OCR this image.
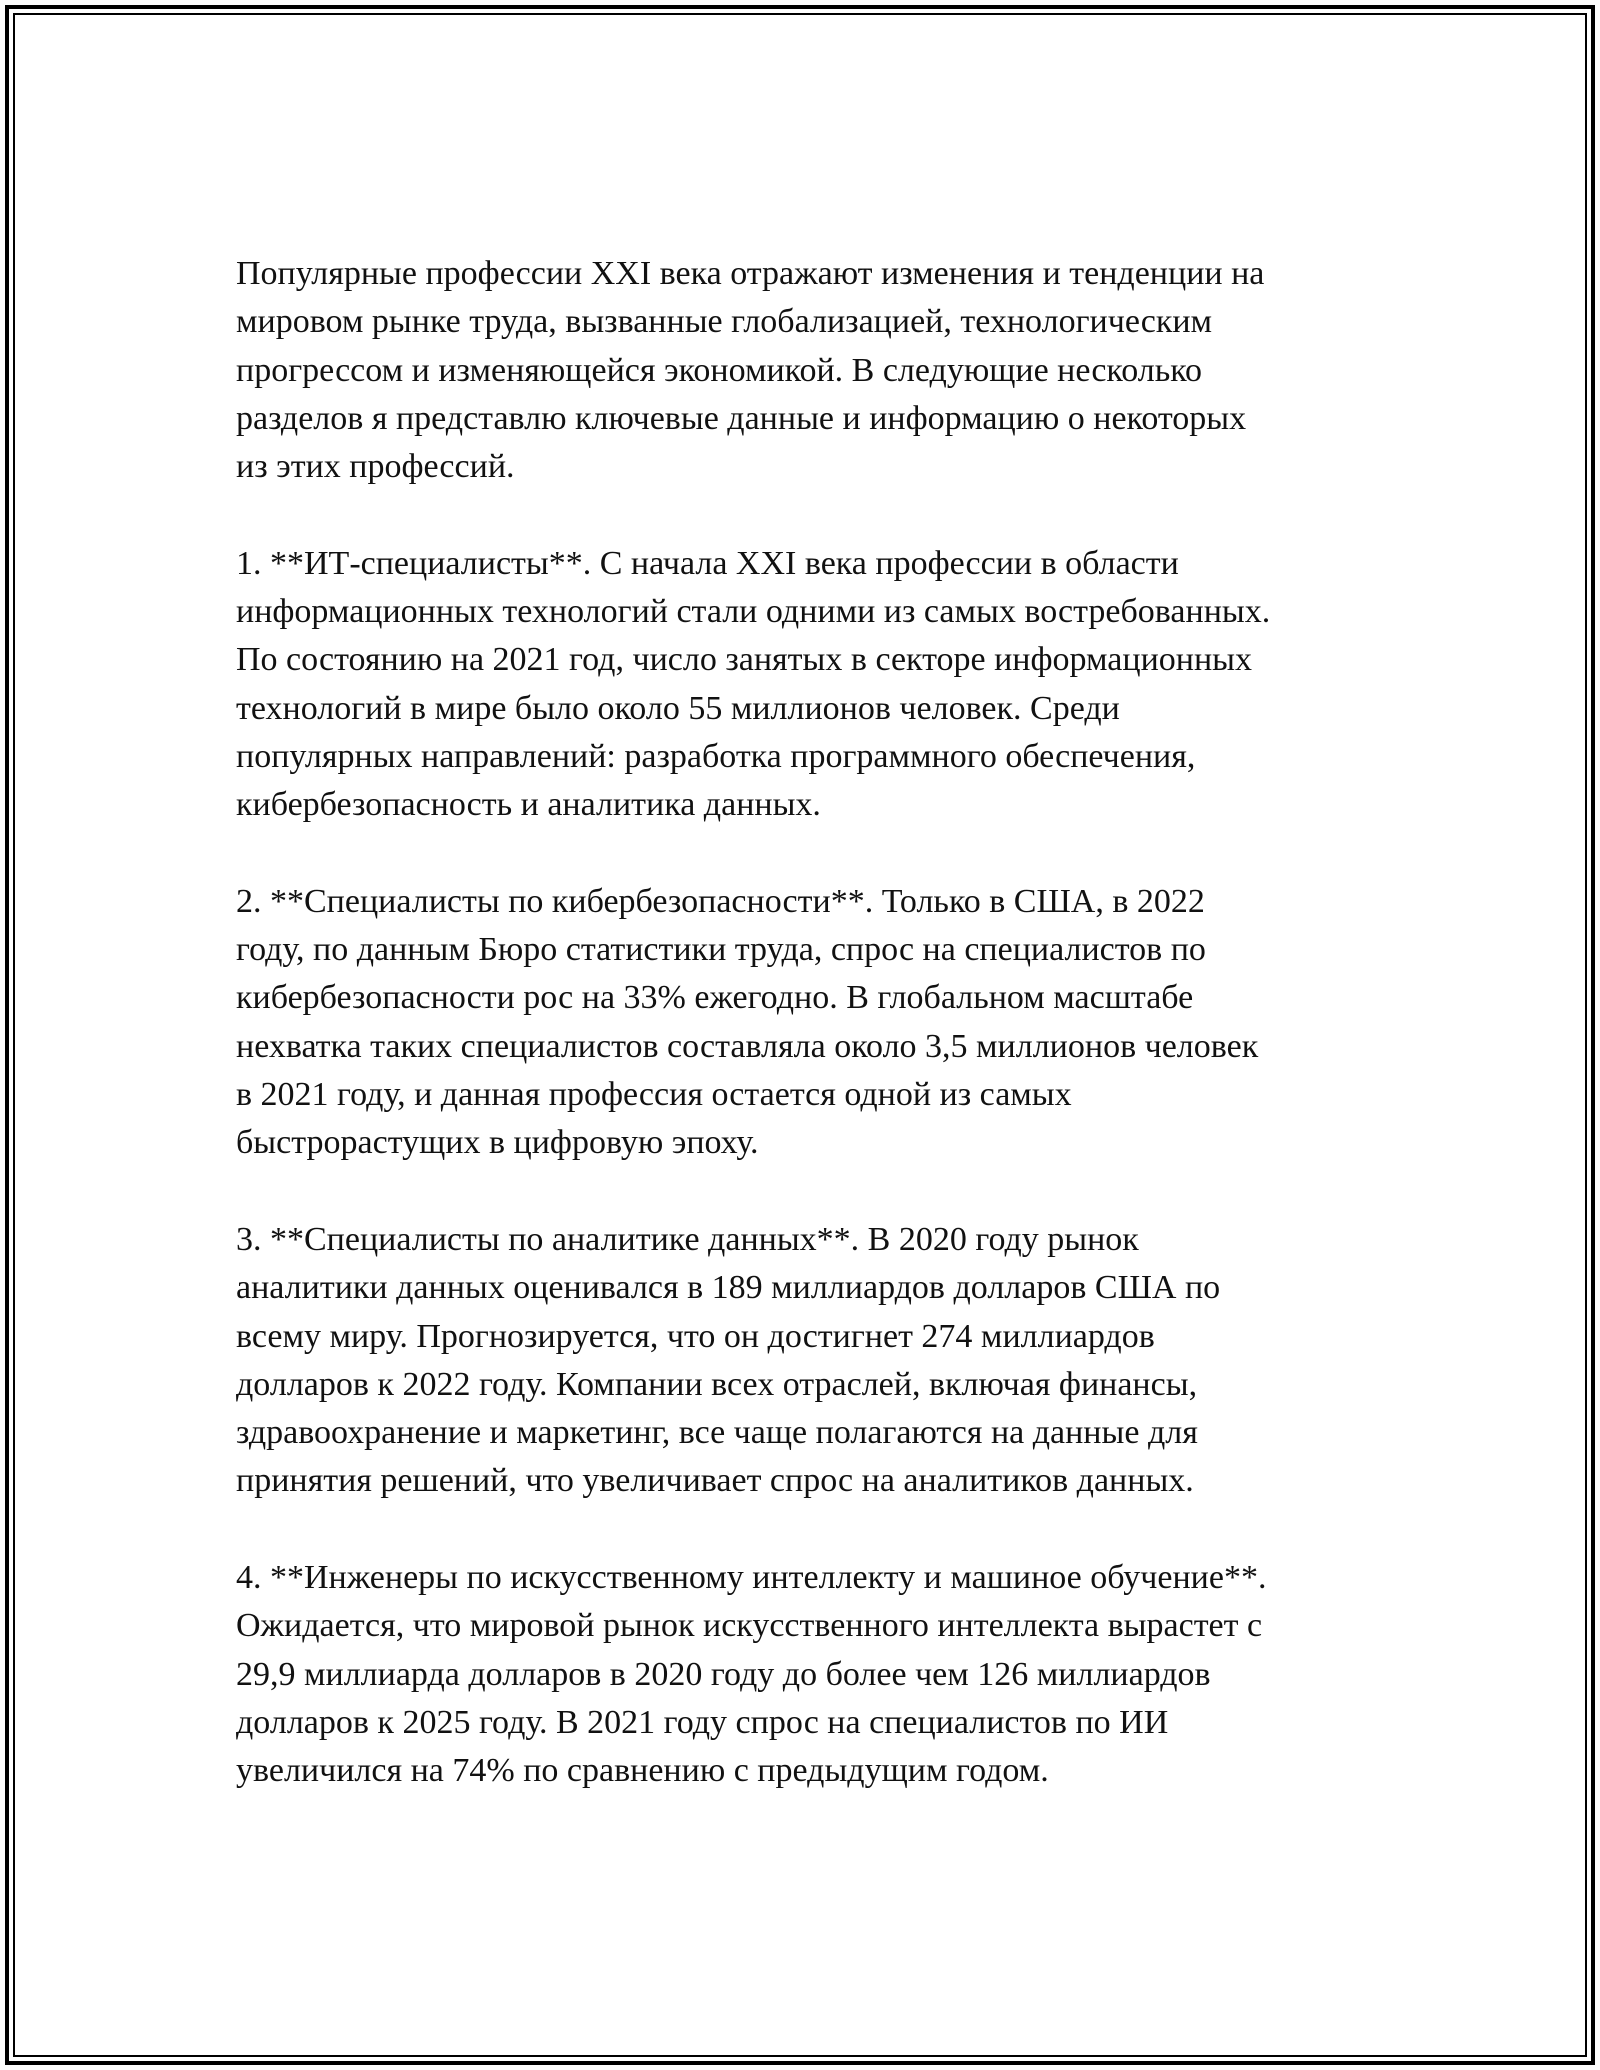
Популярные профессии XXI века отражают изменения и тенденции на
мировом рынке труда, вызванные глобализацией, технологическим
прогрессом и изменяющейся экономикой. В следующие несколько
разделов я представлю ключевые данные и информацию о некоторых
из этих профессий.

1. **ИТ-специалисты**. С начала XXI века профессии в области
информационных технологий стали одними из самых востребованных.
По состоянию на 2021 год, число занятых в секторе информационных
технологий в мире было около 55 миллионов человек. Среди
популярных направлений: разработка программного обеспечения,
кибербезопасность и аналитика данных.

2. **Специалисты по кибербезопасности**. Только в США, в 2022
году, по данным Бюро статистики труда, спрос на специалистов по
кибербезопасности рос на 33% ежегодно. В глобальном масштабе
нехватка таких специалистов составляла около 3,5 миллионов человек
в 2021 году, и данная профессия остается одной из самых
быстрорастущих в цифровую эпоху.

3. **Специалисты по аналитике данных**. В 2020 году рынок
аналитики данных оценивался в 189 миллиардов долларов США по
всему миру. Прогнозируется, что он достигнет 274 миллиардов
долларов к 2022 году. Компании всех отраслей, включая финансы,
здравоохранение и маркетинг, все чаще полагаются на данные для
принятия решений, что увеличивает спрос на аналитиков данных.

4. **Инженеры по искусственному интеллекту и машиное обучение**.
Ожидается, что мировой рынок искусственного интеллекта вырастет с
29,9 миллиарда долларов в 2020 году до более чем 126 миллиардов
долларов к 2025 году. В 2021 году спрос на специалистов по ИИ
увеличился на 74% по сравнению с предыдущим годом.
